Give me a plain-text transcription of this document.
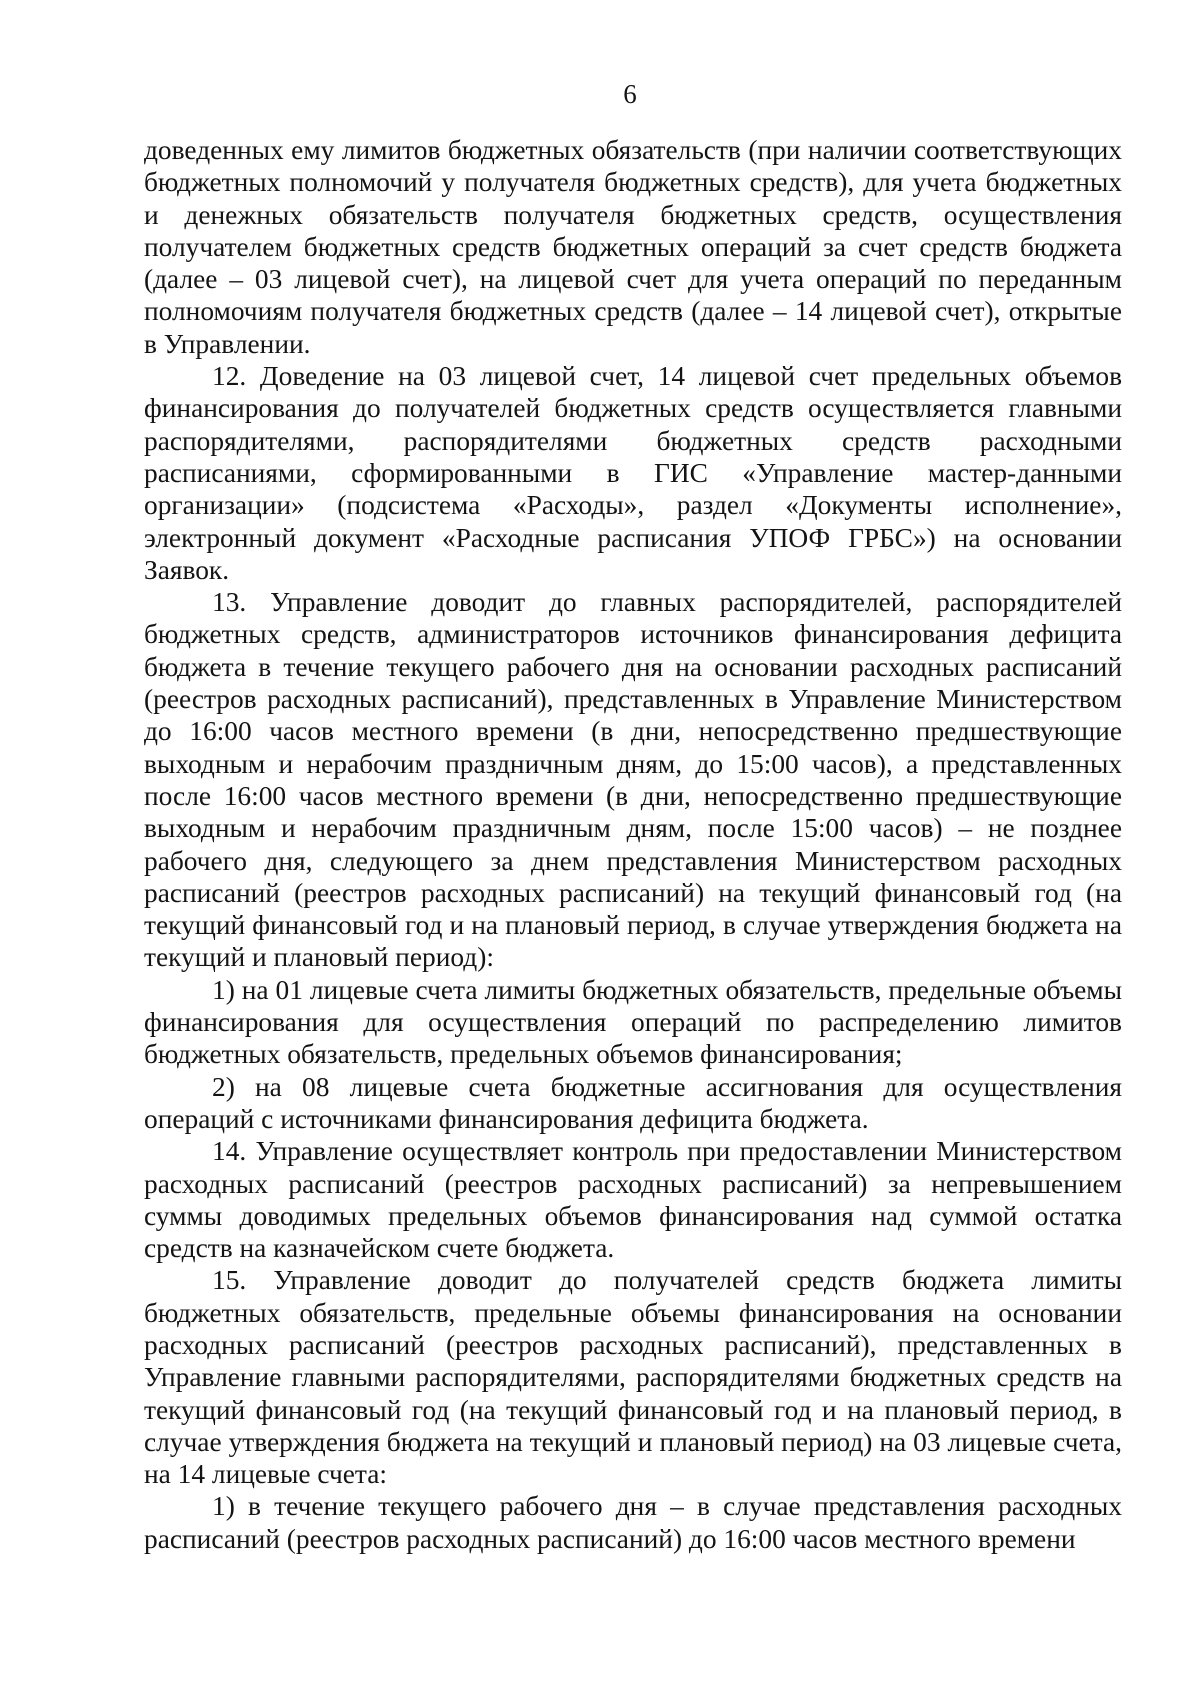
6

доведенных ему лимитов бюджетных обязательств (при наличии соответствующих бюджетных полномочий у получателя бюджетных средств), для учета бюджетных и денежных обязательств получателя бюджетных средств, осуществления получателем бюджетных средств бюджетных операций за счет средств бюджета (далее – 03 лицевой счет), на лицевой счет для учета операций по переданным полномочиям получателя бюджетных средств (далее – 14 лицевой счет), открытые в Управлении.

12. Доведение на 03 лицевой счет, 14 лицевой счет предельных объемов финансирования до получателей бюджетных средств осуществляется главными распорядителями, распорядителями бюджетных средств расходными расписаниями, сформированными в ГИС «Управление мастер-данными организации» (подсистема «Расходы», раздел «Документы исполнение», электронный документ «Расходные расписания УПОФ ГРБС») на основании Заявок.

13. Управление доводит до главных распорядителей, распорядителей бюджетных средств, администраторов источников финансирования дефицита бюджета в течение текущего рабочего дня на основании расходных расписаний (реестров расходных расписаний), представленных в Управление Министерством до 16:00 часов местного времени (в дни, непосредственно предшествующие выходным и нерабочим праздничным дням, до 15:00 часов), а представленных после 16:00 часов местного времени (в дни, непосредственно предшествующие выходным и нерабочим праздничным дням, после 15:00 часов) – не позднее рабочего дня, следующего за днем представления Министерством расходных расписаний (реестров расходных расписаний) на текущий финансовый год (на текущий финансовый год и на плановый период, в случае утверждения бюджета на текущий и плановый период):

1) на 01 лицевые счета лимиты бюджетных обязательств, предельные объемы финансирования для осуществления операций по распределению лимитов бюджетных обязательств, предельных объемов финансирования;

2) на 08 лицевые счета бюджетные ассигнования для осуществления операций с источниками финансирования дефицита бюджета.

14. Управление осуществляет контроль при предоставлении Министерством расходных расписаний (реестров расходных расписаний) за непревышением суммы доводимых предельных объемов финансирования над суммой остатка средств на казначейском счете бюджета.

15. Управление доводит до получателей средств бюджета лимиты бюджетных обязательств, предельные объемы финансирования на основании расходных расписаний (реестров расходных расписаний), представленных в Управление главными распорядителями, распорядителями бюджетных средств на текущий финансовый год (на текущий финансовый год и на плановый период, в случае утверждения бюджета на текущий и плановый период) на 03 лицевые счета, на 14 лицевые счета:

1) в течение текущего рабочего дня – в случае представления расходных расписаний (реестров расходных расписаний) до 16:00 часов местного времени
